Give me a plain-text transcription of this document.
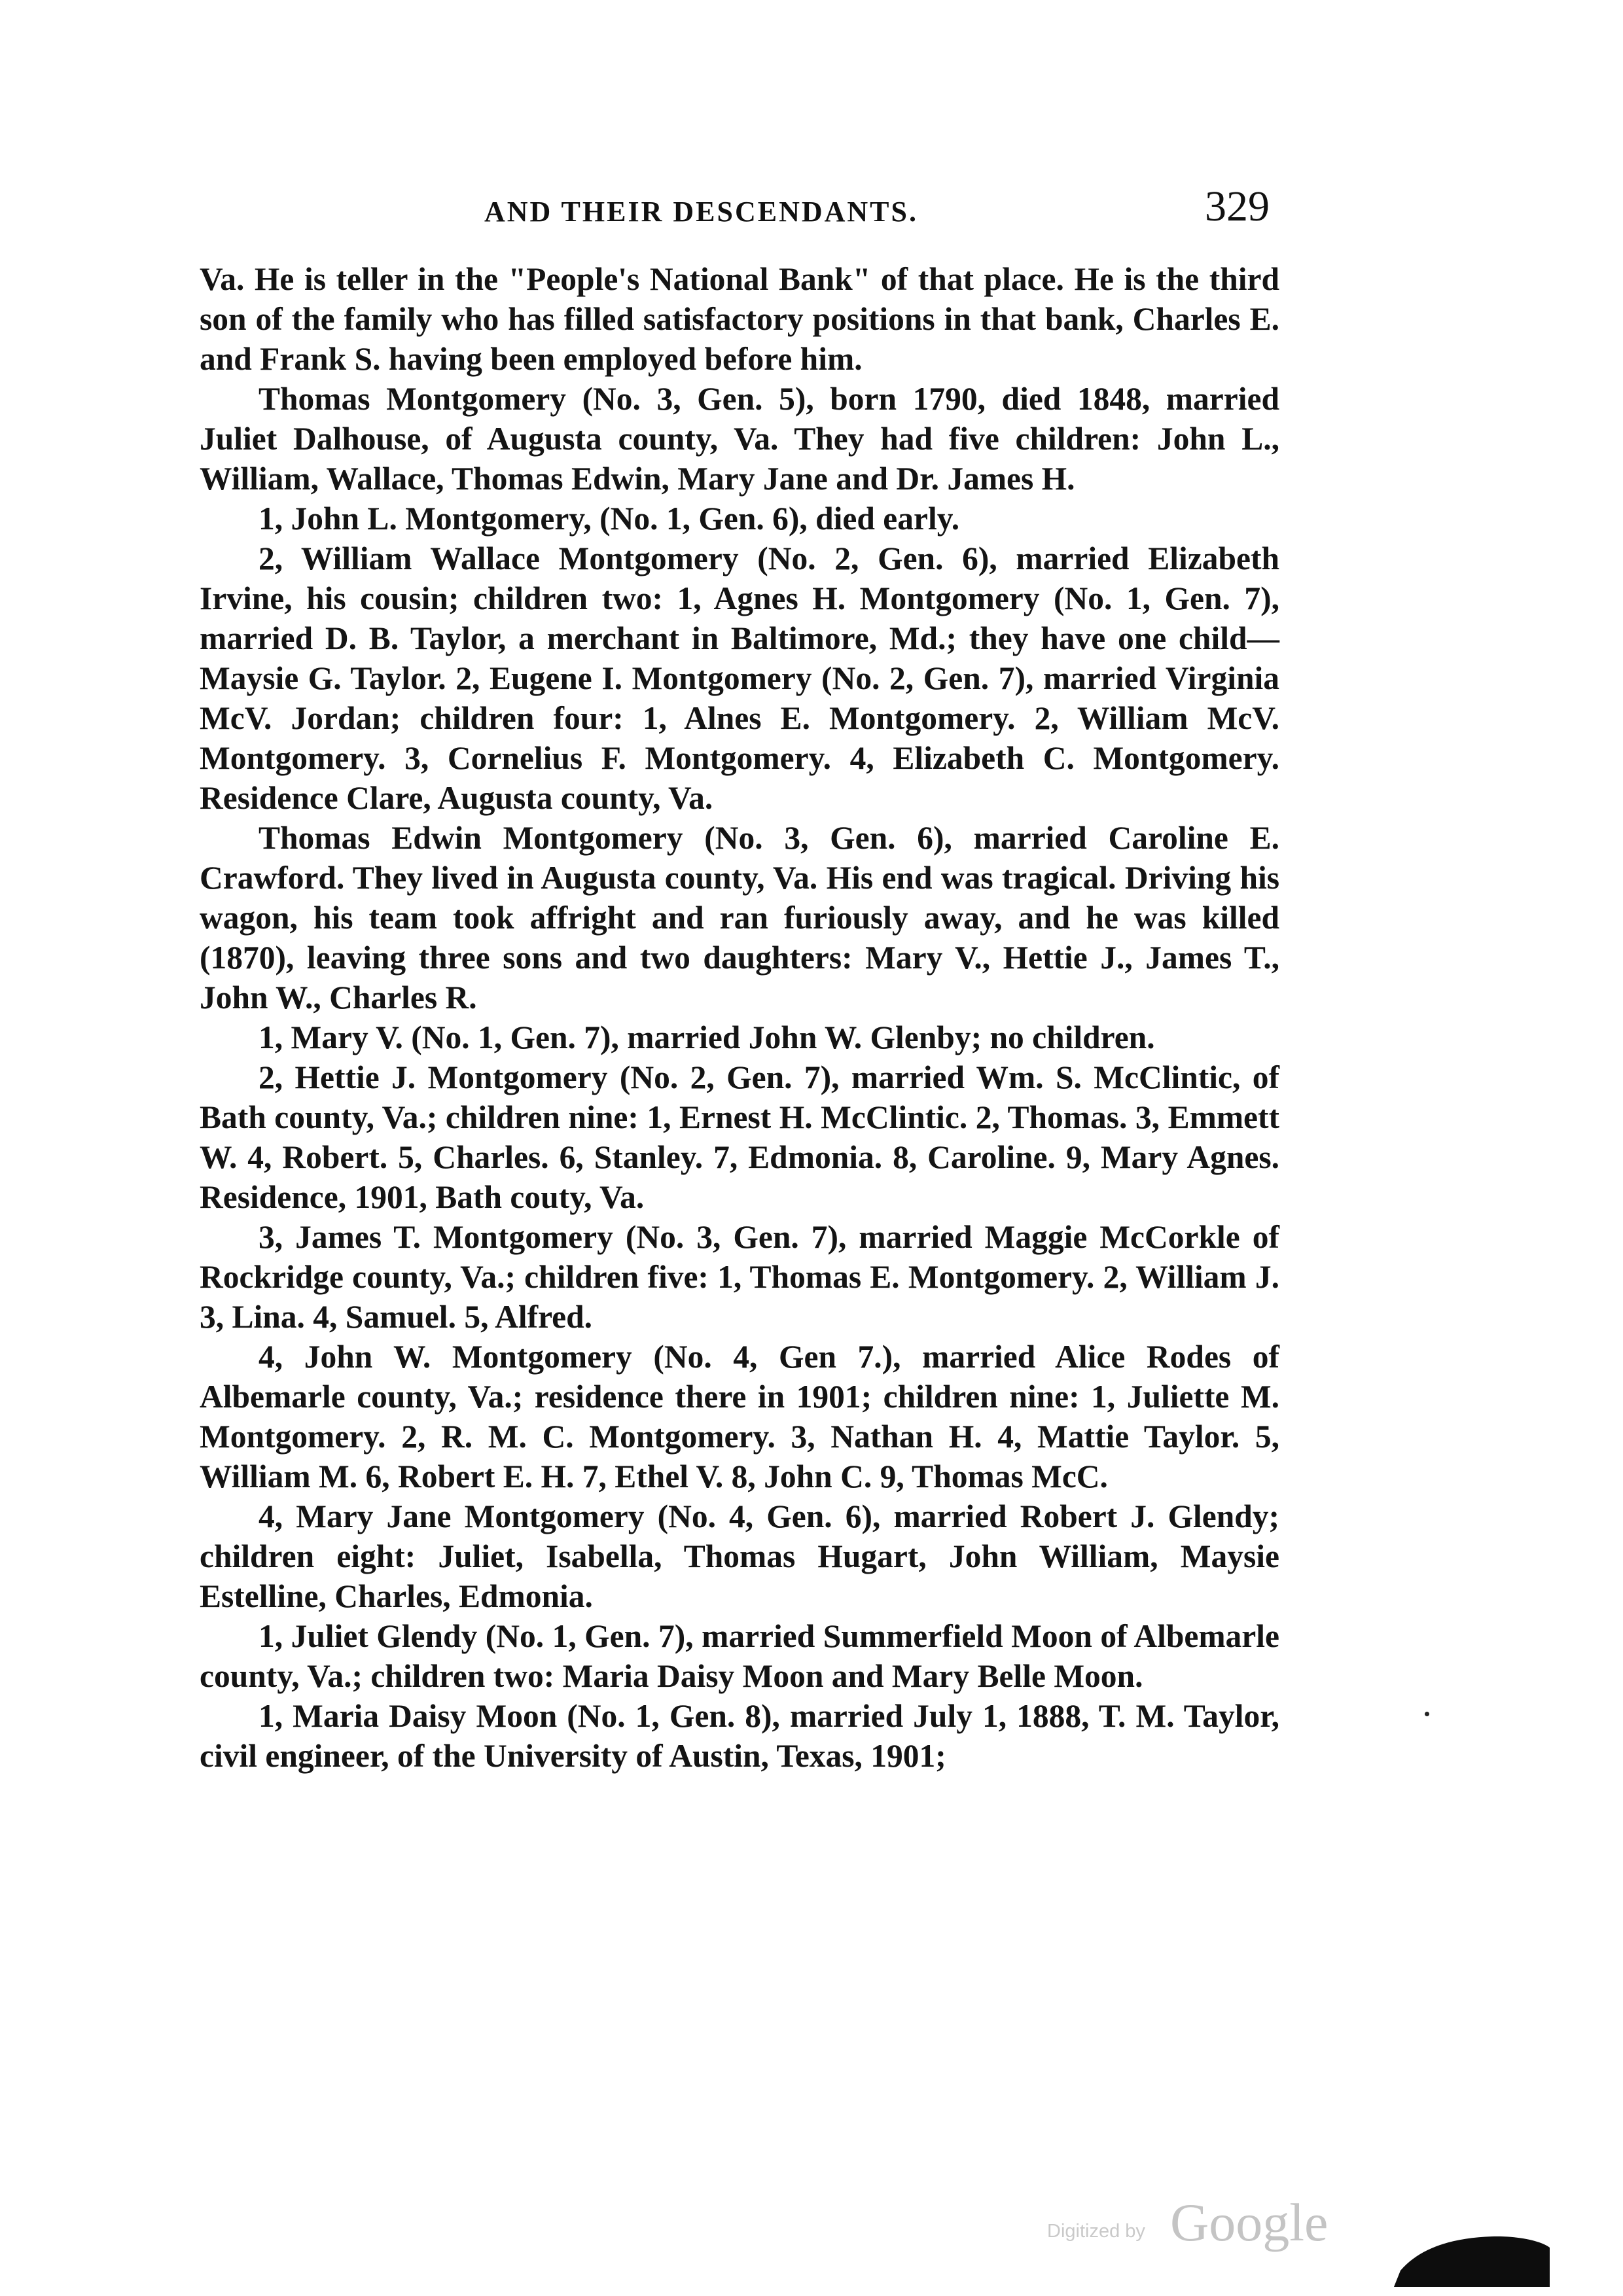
AND THEIR DESCENDANTS.	329

Va. He is teller in the "People's National Bank" of that place. He is the third son of the family who has filled satisfactory positions in that bank, Charles E. and Frank S. having been employed before him.

Thomas Montgomery (No. 3, Gen. 5), born 1790, died 1848, married Juliet Dalhouse, of Augusta county, Va. They had five children: John L., William, Wallace, Thomas Edwin, Mary Jane and Dr. James H.

1, John L. Montgomery, (No. 1, Gen. 6), died early.

2, William Wallace Montgomery (No. 2, Gen. 6), married Elizabeth Irvine, his cousin; children two: 1, Agnes H. Montgomery (No. 1, Gen. 7), married D. B. Taylor, a merchant in Baltimore, Md.; they have one child—Maysie G. Taylor. 2, Eugene I. Montgomery (No. 2, Gen. 7), married Virginia McV. Jordan; children four: 1, Alnes E. Montgomery. 2, William McV. Montgomery. 3, Cornelius F. Montgomery. 4, Elizabeth C. Montgomery. Residence Clare, Augusta county, Va.

Thomas Edwin Montgomery (No. 3, Gen. 6), married Caroline E. Crawford. They lived in Augusta county, Va. His end was tragical. Driving his wagon, his team took affright and ran furiously away, and he was killed (1870), leaving three sons and two daughters: Mary V., Hettie J., James T., John W., Charles R.

1, Mary V. (No. 1, Gen. 7), married John W. Glenby; no children.

2, Hettie J. Montgomery (No. 2, Gen. 7), married Wm. S. McClintic, of Bath county, Va.; children nine: 1, Ernest H. McClintic. 2, Thomas. 3, Emmett W. 4, Robert. 5, Charles. 6, Stanley. 7, Edmonia. 8, Caroline. 9, Mary Agnes. Residence, 1901, Bath couty, Va.

3, James T. Montgomery (No. 3, Gen. 7), married Maggie McCorkle of Rockridge county, Va.; children five: 1, Thomas E. Montgomery. 2, William J. 3, Lina. 4, Samuel. 5, Alfred.

4, John W. Montgomery (No. 4, Gen 7.), married Alice Rodes of Albemarle county, Va.; residence there in 1901; children nine: 1, Juliette M. Montgomery. 2, R. M. C. Montgomery. 3, Nathan H. 4, Mattie Taylor. 5, William M. 6, Robert E. H. 7, Ethel V. 8, John C. 9, Thomas McC.

4, Mary Jane Montgomery (No. 4, Gen. 6), married Robert J. Glendy; children eight: Juliet, Isabella, Thomas Hugart, John William, Maysie Estelline, Charles, Edmonia.

1, Juliet Glendy (No. 1, Gen. 7), married Summerfield Moon of Albemarle county, Va.; children two: Maria Daisy Moon and Mary Belle Moon.

1, Maria Daisy Moon (No. 1, Gen. 8), married July 1, 1888, T. M. Taylor, civil engineer, of the University of Austin, Texas, 1901;

Digitized by Google
